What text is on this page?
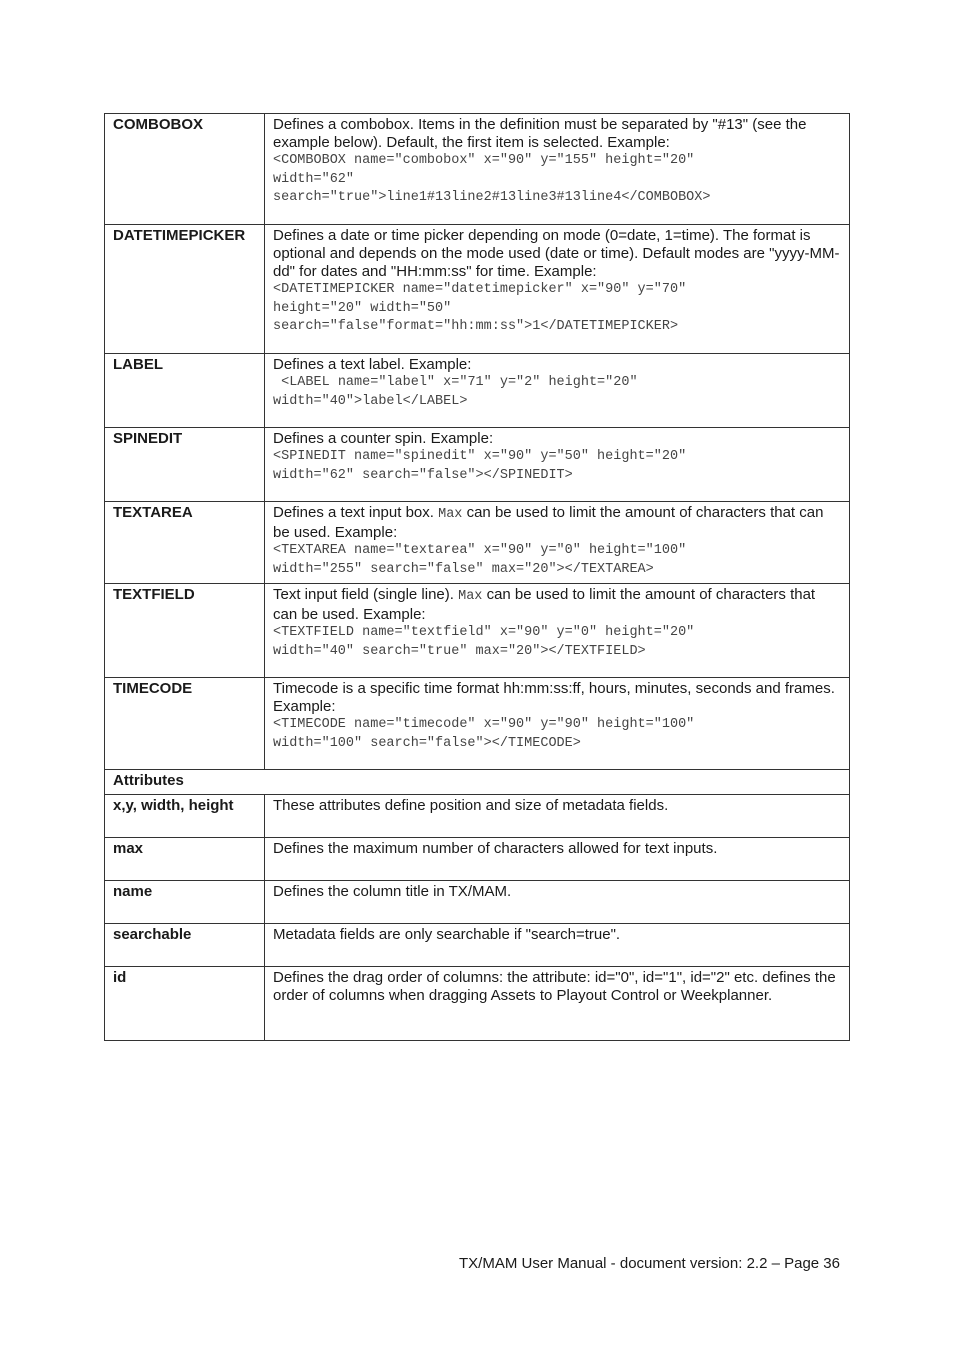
COMBOBOX	Defines a combobox. Items in the definition must be separated by "#13" (see the example below). Default, the first item is selected. Example:
<COMBOBOX name="combobox" x="90" y="155" height="20"
width="62"
search="true">line1#13line2#13line3#13line4</COMBOBOX>

DATETIMEPICKER	Defines a date or time picker depending on mode (0=date, 1=time). The format is optional and depends on the mode used (date or time). Default modes are "yyyy-MM-dd" for dates and "HH:mm:ss" for time. Example:
<DATETIMEPICKER name="datetimepicker" x="90" y="70"
height="20" width="50"
search="false"format="hh:mm:ss">1</DATETIMEPICKER>

LABEL	Defines a text label. Example:
<LABEL name="label" x="71" y="2" height="20"
width="40">label</LABEL>

SPINEDIT	Defines a counter spin. Example:
<SPINEDIT name="spinedit" x="90" y="50" height="20"
width="62" search="false"></SPINEDIT>

TEXTAREA	Defines a text input box. Max can be used to limit the amount of characters that can be used. Example:
<TEXTAREA name="textarea" x="90" y="0" height="100"
width="255" search="false" max="20"></TEXTAREA>

TEXTFIELD	Text input field (single line). Max can be used to limit the amount of characters that can be used. Example:
<TEXTFIELD name="textfield" x="90" y="0" height="20"
width="40" search="true" max="20"></TEXTFIELD>

TIMECODE	Timecode is a specific time format hh:mm:ss:ff, hours, minutes, seconds and frames. Example:
<TIMECODE name="timecode" x="90" y="90" height="100"
width="100" search="false"></TIMECODE>

Attributes	
x,y, width, height	These attributes define position and size of metadata fields.
max	Defines the maximum number of characters allowed for text inputs.
name	Defines the column title in TX/MAM.
searchable	Metadata fields are only searchable if "search=true".
id	Defines the drag order of columns: the attribute: id="0", id="1", id="2" etc. defines the order of columns when dragging Assets to Playout Control or Weekplanner.
TX/MAM User Manual - document version: 2.2 – Page 36
